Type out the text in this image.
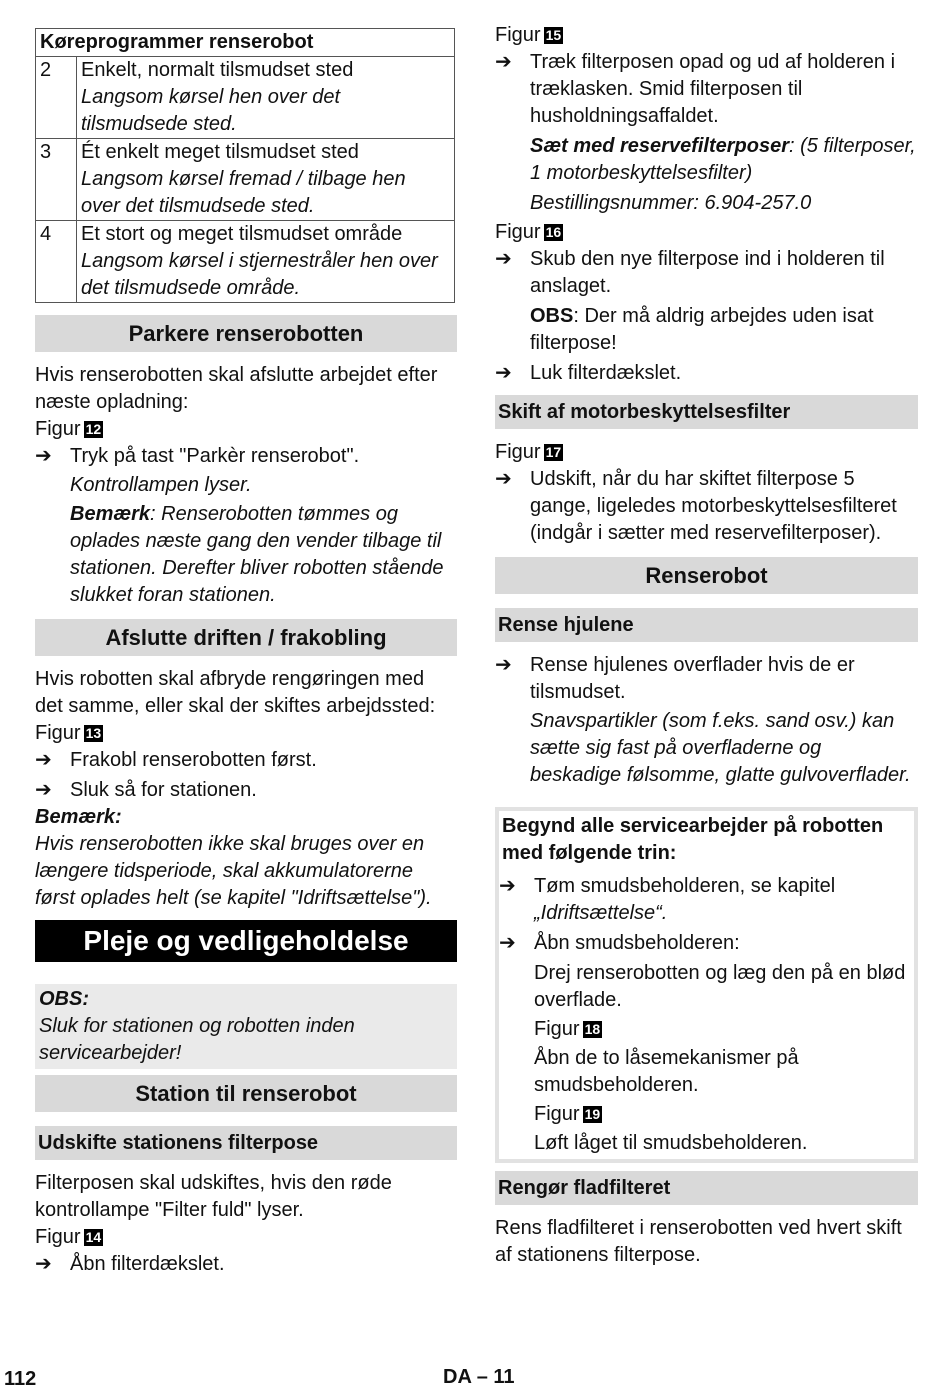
Køreprogrammer renserobot	
2	Enkelt, normalt tilsmudset sted
Langsom kørsel hen over det tilsmudsede sted.
3	Ét enkelt meget tilsmudset sted
Langsom kørsel fremad / tilbage hen over det tilsmudsede sted.
4	Et stort og meget tilsmudset område
Langsom kørsel i stjernestråler hen over det tilsmudsede område.
Parkere renserobotten

Hvis renserobotten skal afslutte arbejdet efter næste opladning:

Figur 12

➔ Tryk på tast "Parkèr renserobot".

Kontrollampen lyser.

Bemærk: Renserobotten tømmes og oplades næste gang den vender tilbage til stationen. Derefter bliver robotten stående slukket foran stationen.

Afslutte driften / frakobling

Hvis robotten skal afbryde rengøringen med det samme, eller skal der skiftes arbejdssted:

Figur 13

➔ Frakobl renserobotten først.
➔ Sluk så for stationen.

Bemærk:

Hvis renserobotten ikke skal bruges over en længere tidsperiode, skal akkumulatorerne først oplades helt (se kapitel "Idriftsættelse").

Pleje og vedligeholdelse

OBS:

Sluk for stationen og robotten inden servicearbejder!

Station til renserobot
Udskifte stationens filterpose

Filterposen skal udskiftes, hvis den røde kontrollampe "Filter fuld" lyser.

Figur 14

➔ Åbn filterdækslet.

Figur 15

➔ Træk filterposen opad og ud af holderen i træklasken. Smid filterposen til husholdningsaffaldet.

Sæt med reservefilterposer: (5 filterposer, 1 motorbeskyttelsesfilter)

Bestillingsnummer: 6.904-257.0

Figur 16

➔ Skub den nye filterpose ind i holderen til anslaget.

OBS: Der må aldrig arbejdes uden isat filterpose!

➔ Luk filterdækslet.
Skift af motorbeskyttelsesfilter

Figur 17

➔ Udskift, når du har skiftet filterpose 5 gange, ligeledes motorbeskyttelsesfilteret (indgår i sætter med reservefilterposer).
Renserobot
Rense hjulene
➔ Rense hjulenes overflader hvis de er tilsmudset.

Snavspartikler (som f.eks. sand osv.) kan sætte sig fast på overfladerne og beskadige følsomme, glatte gulvoverflader.

Begynd alle servicearbejder på robotten med følgende trin:

➔ Tøm smudsbeholderen, se kapitel
„Idriftsættelse“.
➔ Åbn smudsbeholderen:

Drej renserobotten og læg den på en blød overflade.

Figur 18

Åbn de to låsemekanismer på smudsbeholderen.

Figur 19

Løft låget til smudsbeholderen.

Rengør fladfilteret

Rens fladfilteret i renserobotten ved hvert skift af stationens filterpose.

112	DA – 11
